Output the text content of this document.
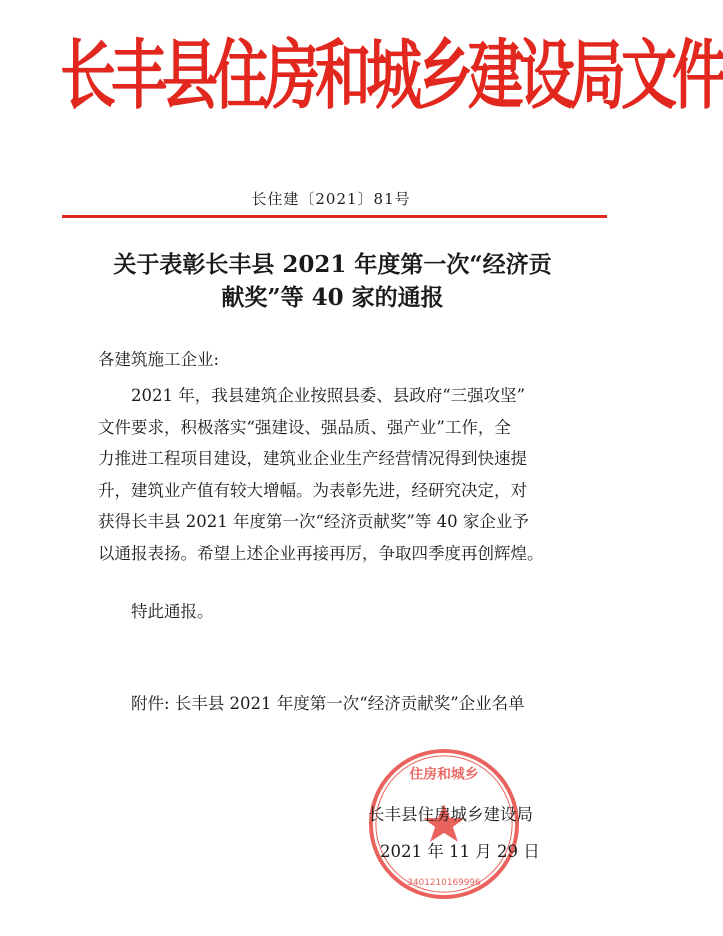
长丰县住房和城乡建设局文件
长住建〔2021〕81号
关于表彰长丰县 2021 年度第一次“经济贡
献奖”等 40 家的通报
各建筑施工企业:
2021 年，我县建筑企业按照县委、县政府“三强攻坚”
文件要求，积极落实“强建设、强品质、强产业”工作，全
力推进工程项目建设，建筑业企业生产经营情况得到快速提
升，建筑业产值有较大增幅。为表彰先进，经研究决定，对
获得长丰县 2021 年度第一次“经济贡献奖”等 40 家企业予
以通报表扬。希望上述企业再接再厉，争取四季度再创辉煌。
特此通报。
附件: 长丰县 2021 年度第一次“经济贡献奖”企业名单
住房和城乡
3401210169996
长丰县住房城乡建设局
2021 年 11 月 29 日
